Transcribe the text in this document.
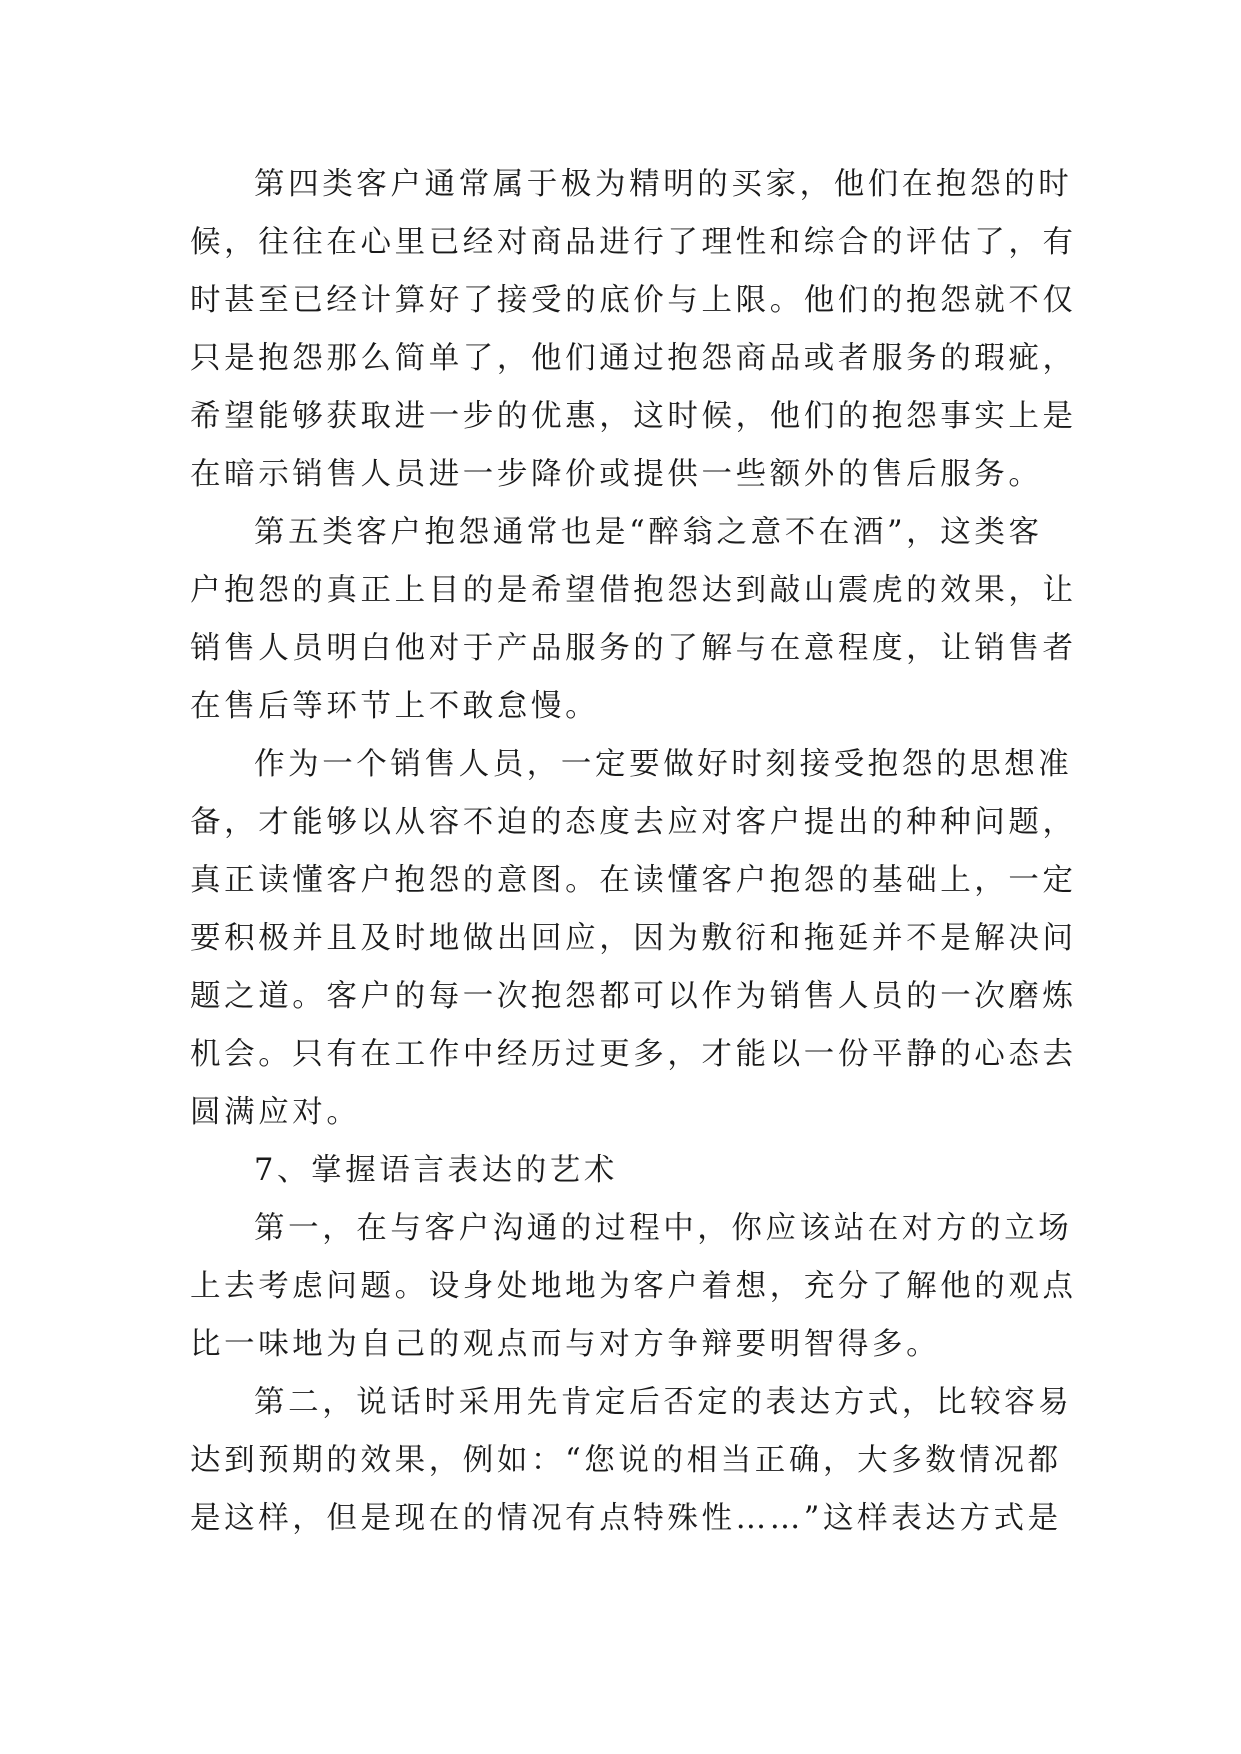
第四类客户通常属于极为精明的买家，他们在抱怨的时
候，往往在心里已经对商品进行了理性和综合的评估了，有
时甚至已经计算好了接受的底价与上限。他们的抱怨就不仅
只是抱怨那么简单了，他们通过抱怨商品或者服务的瑕疵，
希望能够获取进一步的优惠，这时候，他们的抱怨事实上是
在暗示销售人员进一步降价或提供一些额外的售后服务。
第五类客户抱怨通常也是“醉翁之意不在酒”，这类客
户抱怨的真正上目的是希望借抱怨达到敲山震虎的效果，让
销售人员明白他对于产品服务的了解与在意程度，让销售者
在售后等环节上不敢怠慢。
作为一个销售人员，一定要做好时刻接受抱怨的思想准
备，才能够以从容不迫的态度去应对客户提出的种种问题，
真正读懂客户抱怨的意图。在读懂客户抱怨的基础上，一定
要积极并且及时地做出回应，因为敷衍和拖延并不是解决问
题之道。客户的每一次抱怨都可以作为销售人员的一次磨炼
机会。只有在工作中经历过更多，才能以一份平静的心态去
圆满应对。
7、掌握语言表达的艺术
第一，在与客户沟通的过程中，你应该站在对方的立场
上去考虑问题。设身处地地为客户着想，充分了解他的观点
比一味地为自己的观点而与对方争辩要明智得多。
第二，说话时采用先肯定后否定的表达方式，比较容易
达到预期的效果，例如：“您说的相当正确，大多数情况都
是这样，但是现在的情况有点特殊性……”这样表达方式是
